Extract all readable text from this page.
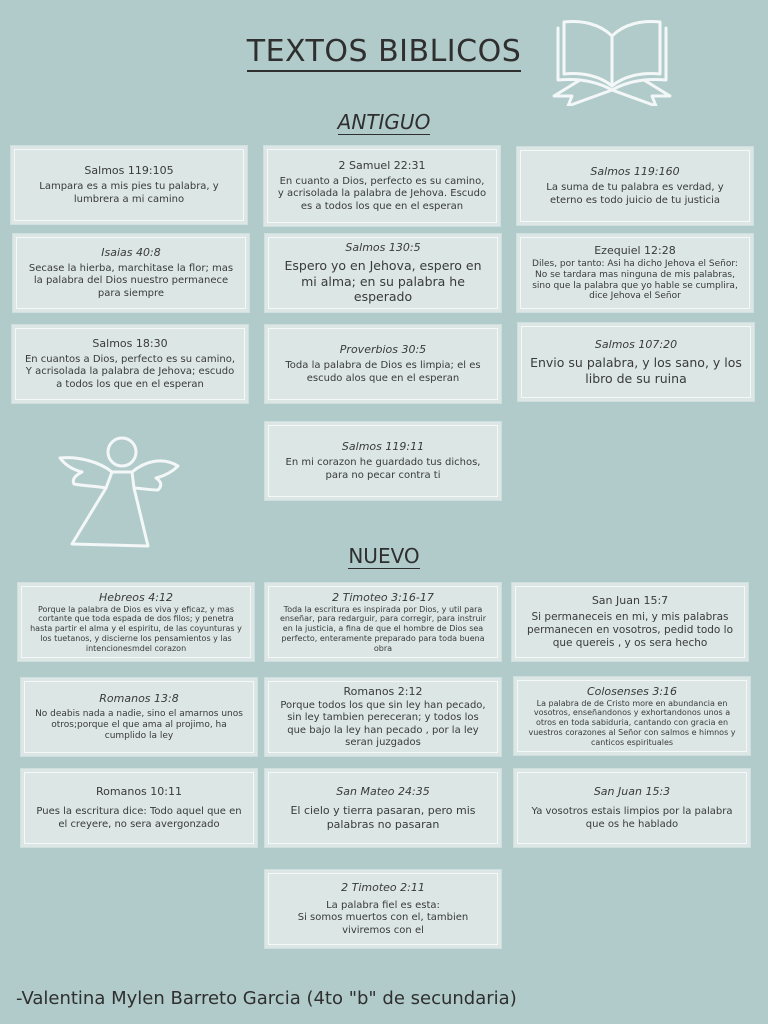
TEXTOS BIBLICOS
ANTIGUO
Salmos 119:105
Lampara es a mis pies tu palabra, y lumbrera a mi camino
2 Samuel 22:31
En cuanto a Dios, perfecto es su camino, y acrisolada la palabra de Jehova. Escudo es a todos los que en el esperan
Salmos 119:160
La suma de tu palabra es verdad, y eterno es todo juicio de tu justicia
Isaias 40:8
Secase la hierba, marchitase la flor; mas la palabra del Dios nuestro permanece para siempre
Salmos 130:5
Espero yo en Jehova, espero en mi alma; en su palabra he esperado
Ezequiel 12:28
Diles, por tanto: Asi ha dicho Jehova el Señor: No se tardara mas ninguna de mis palabras, sino que la palabra que yo hable se cumplira, dice Jehova el Señor
Salmos 18:30
En cuantos a Dios, perfecto es su camino, Y acrisolada la palabra de Jehova; escudo a todos los que en el esperan
Proverbios 30:5
Toda la palabra de Dios es limpia; el es escudo alos que en el esperan
Salmos 107:20
Envio su palabra, y los sano, y los libro de su ruina
Salmos 119:11
En mi corazon he guardado tus dichos, para no pecar contra ti
NUEVO
Hebreos 4:12
Porque la palabra de Dios es viva y eficaz, y mas cortante que toda espada de dos filos; y penetra hasta partir el alma y el espiritu, de las coyunturas y los tuetanos, y discierne los pensamientos y las intencionesmdel corazon
2 Timoteo 3:16-17
Toda la escritura es inspirada por Dios, y util para enseñar, para redarguir, para corregir, para instruir en la justicia, a fina de que el hombre de Dios sea perfecto, enteramente preparado para toda buena obra
San Juan 15:7
Si permaneceis en mi, y mis palabras permanecen en vosotros, pedid todo lo que quereis , y os sera hecho
Romanos 13:8
No deabis nada a nadie, sino el amarnos unos otros;porque el que ama al projimo, ha cumplido la ley
Romanos 2:12
Porque todos los que sin ley han pecado, sin ley tambien pereceran; y todos los que bajo la ley han pecado , por la ley seran juzgados
Colosenses 3:16
La palabra de de Cristo more en abundancia en vosotros, enseñandonos y exhortandonos unos a otros en toda sabiduria, cantando con gracia en vuestros corazones al Señor con salmos e himnos y canticos espirituales
Romanos 10:11
Pues la escritura dice: Todo aquel que en el creyere, no sera avergonzado
San Mateo 24:35
El cielo y tierra pasaran, pero mis palabras no pasaran
San Juan 15:3
Ya vosotros estais limpios por la palabra que os he hablado
2 Timoteo 2:11
La palabra fiel es esta:
Si somos muertos con el, tambien viviremos con el
-Valentina Mylen Barreto Garcia (4to "b" de secundaria)
